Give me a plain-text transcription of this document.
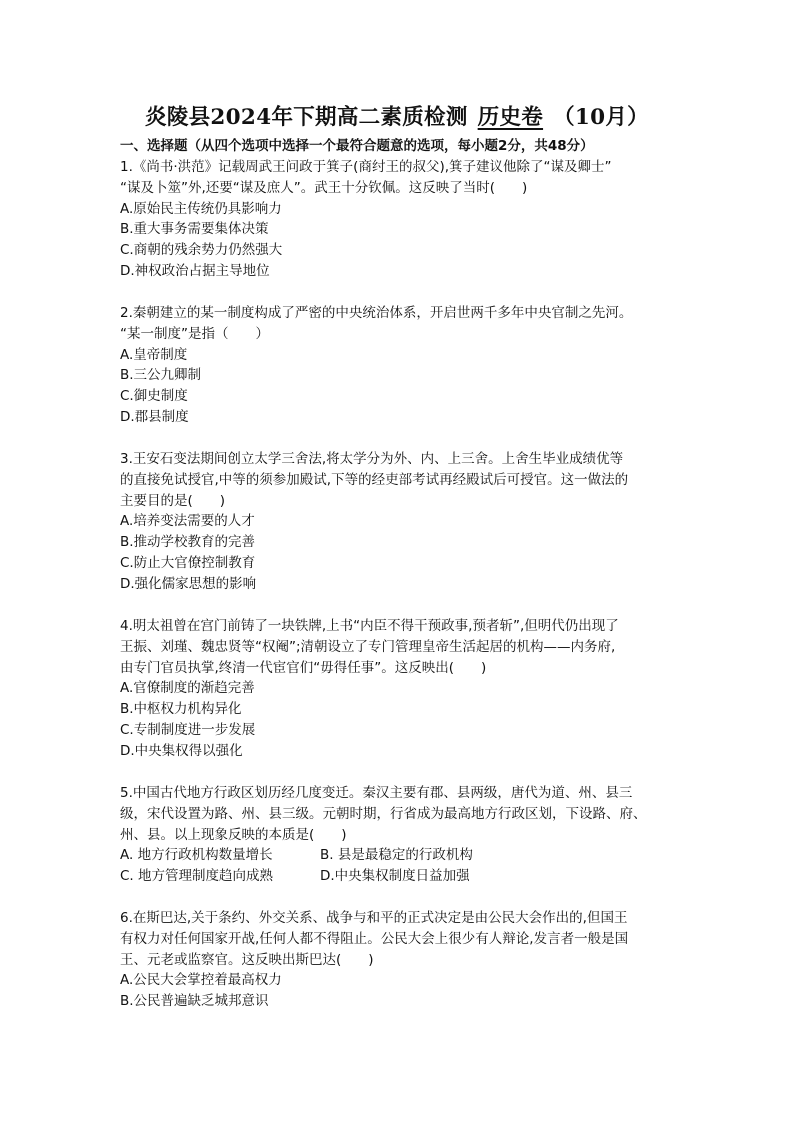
炎陵县2024年下期高二素质检测 历史卷 （10月）
一、选择题（从四个选项中选择一个最符合题意的选项，每小题2分，共48分）
1.《尚书·洪范》记载周武王问政于箕子(商纣王的叔父),箕子建议他除了“谋及卿士”
“谋及卜筮”外,还要“谋及庶人”。武王十分钦佩。这反映了当时(　　)
A.原始民主传统仍具影响力
B.重大事务需要集体决策
C.商朝的残余势力仍然强大
D.神权政治占据主导地位
2.秦朝建立的某一制度构成了严密的中央统治体系，开启世两千多年中央官制之先河。
“某一制度”是指（　　）
A.皇帝制度
B.三公九卿制
C.御史制度
D.郡县制度
3.王安石变法期间创立太学三舍法,将太学分为外、内、上三舍。上舍生毕业成绩优等
的直接免试授官,中等的须参加殿试,下等的经吏部考试再经殿试后可授官。这一做法的
主要目的是(　　)
A.培养变法需要的人才
B.推动学校教育的完善
C.防止大官僚控制教育
D.强化儒家思想的影响
4.明太祖曾在宫门前铸了一块铁牌,上书“内臣不得干预政事,预者斩”,但明代仍出现了
王振、刘瑾、魏忠贤等“权阉”;清朝设立了专门管理皇帝生活起居的机构——内务府,
由专门官员执掌,终清一代宦官们“毋得任事”。这反映出(　　)
A.官僚制度的渐趋完善
B.中枢权力机构异化
C.专制制度进一步发展
D.中央集权得以强化
5.中国古代地方行政区划历经几度变迁。秦汉主要有郡、县两级，唐代为道、州、县三
级，宋代设置为路、州、县三级。元朝时期，行省成为最高地方行政区划，下设路、府、
州、县。以上现象反映的本质是(　　)
A. 地方行政机构数量增长	B. 县是最稳定的行政机构
C. 地方管理制度趋向成熟	D.中央集权制度日益加强
6.在斯巴达,关于条约、外交关系、战争与和平的正式决定是由公民大会作出的,但国王
有权力对任何国家开战,任何人都不得阻止。公民大会上很少有人辩论,发言者一般是国
王、元老或监察官。这反映出斯巴达(　　)
A.公民大会掌控着最高权力
B.公民普遍缺乏城邦意识
